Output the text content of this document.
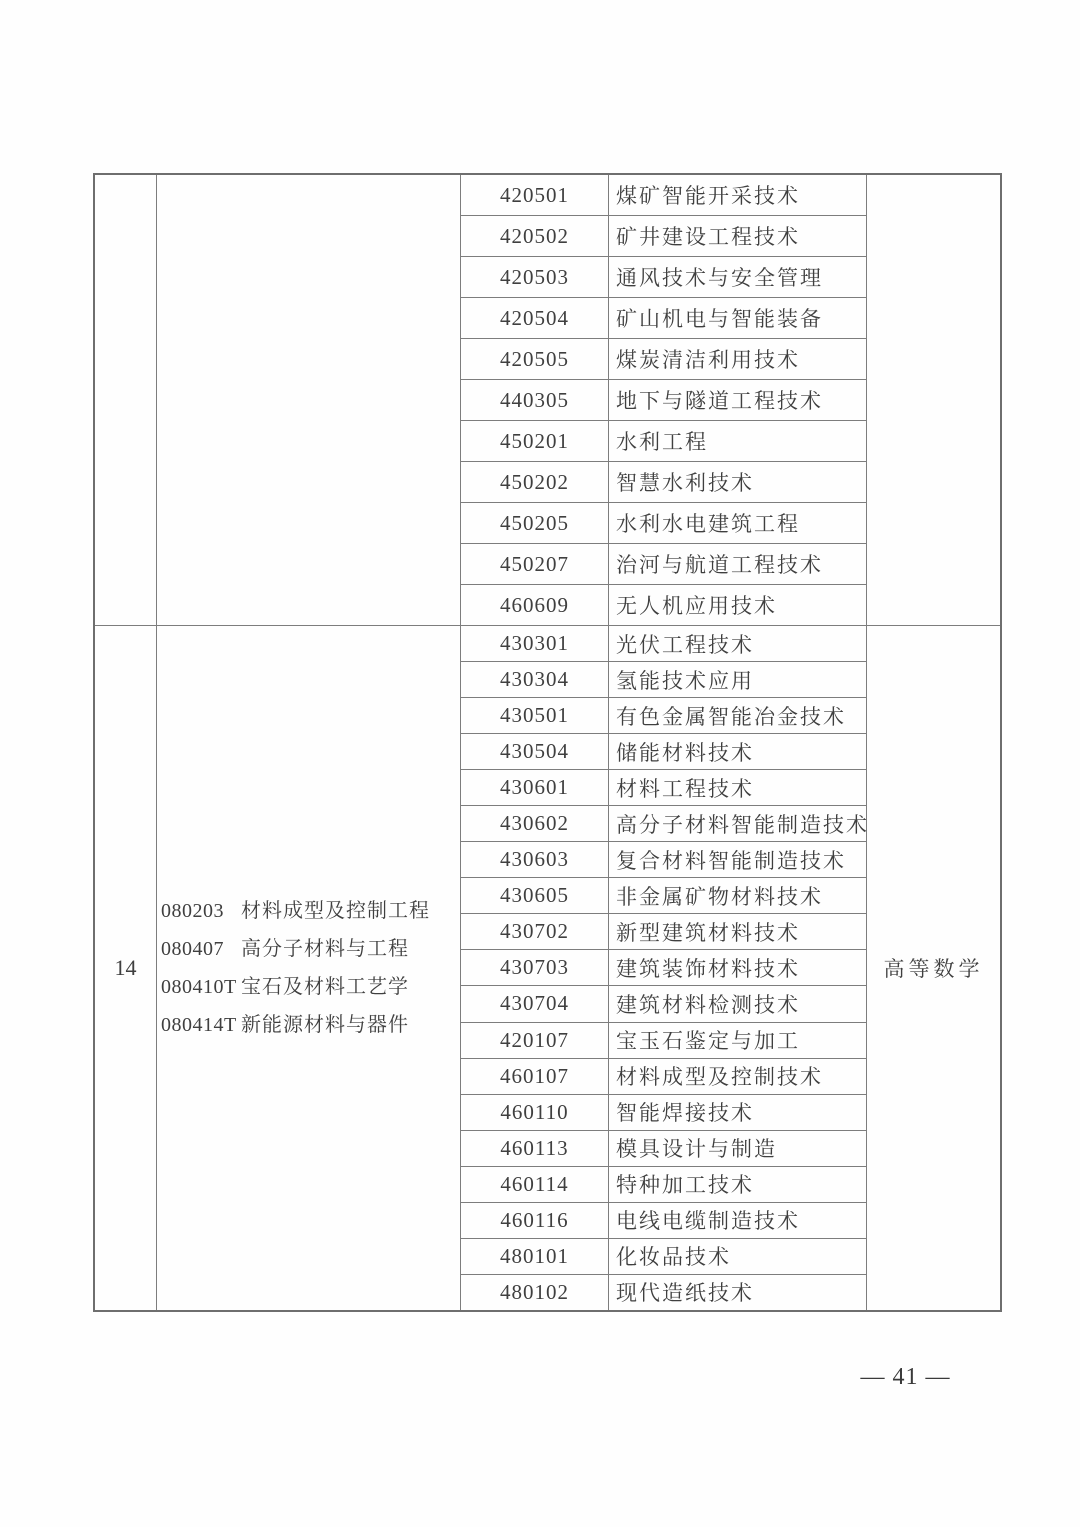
420501	煤矿智能开采技术
420502	矿井建设工程技术
420503	通风技术与安全管理
420504	矿山机电与智能装备
420505	煤炭清洁利用技术
440305	地下与隧道工程技术
450201	水利工程
450202	智慧水利技术
450205	水利水电建筑工程
450207	治河与航道工程技术
460609	无人机应用技术
14
080203 材料成型及控制工程
080407 高分子材料与工程
080410T 宝石及材料工艺学
080414T 新能源材料与器件
430301	光伏工程技术
430304	氢能技术应用
430501	有色金属智能冶金技术
430504	储能材料技术
430601	材料工程技术
430602	高分子材料智能制造技术
430603	复合材料智能制造技术
430605	非金属矿物材料技术
430702	新型建筑材料技术
430703	建筑装饰材料技术
430704	建筑材料检测技术
420107	宝玉石鉴定与加工
460107	材料成型及控制技术
460110	智能焊接技术
460113	模具设计与制造
460114	特种加工技术
460116	电线电缆制造技术
480101	化妆品技术
480102	现代造纸技术
高等数学
— 41 —
